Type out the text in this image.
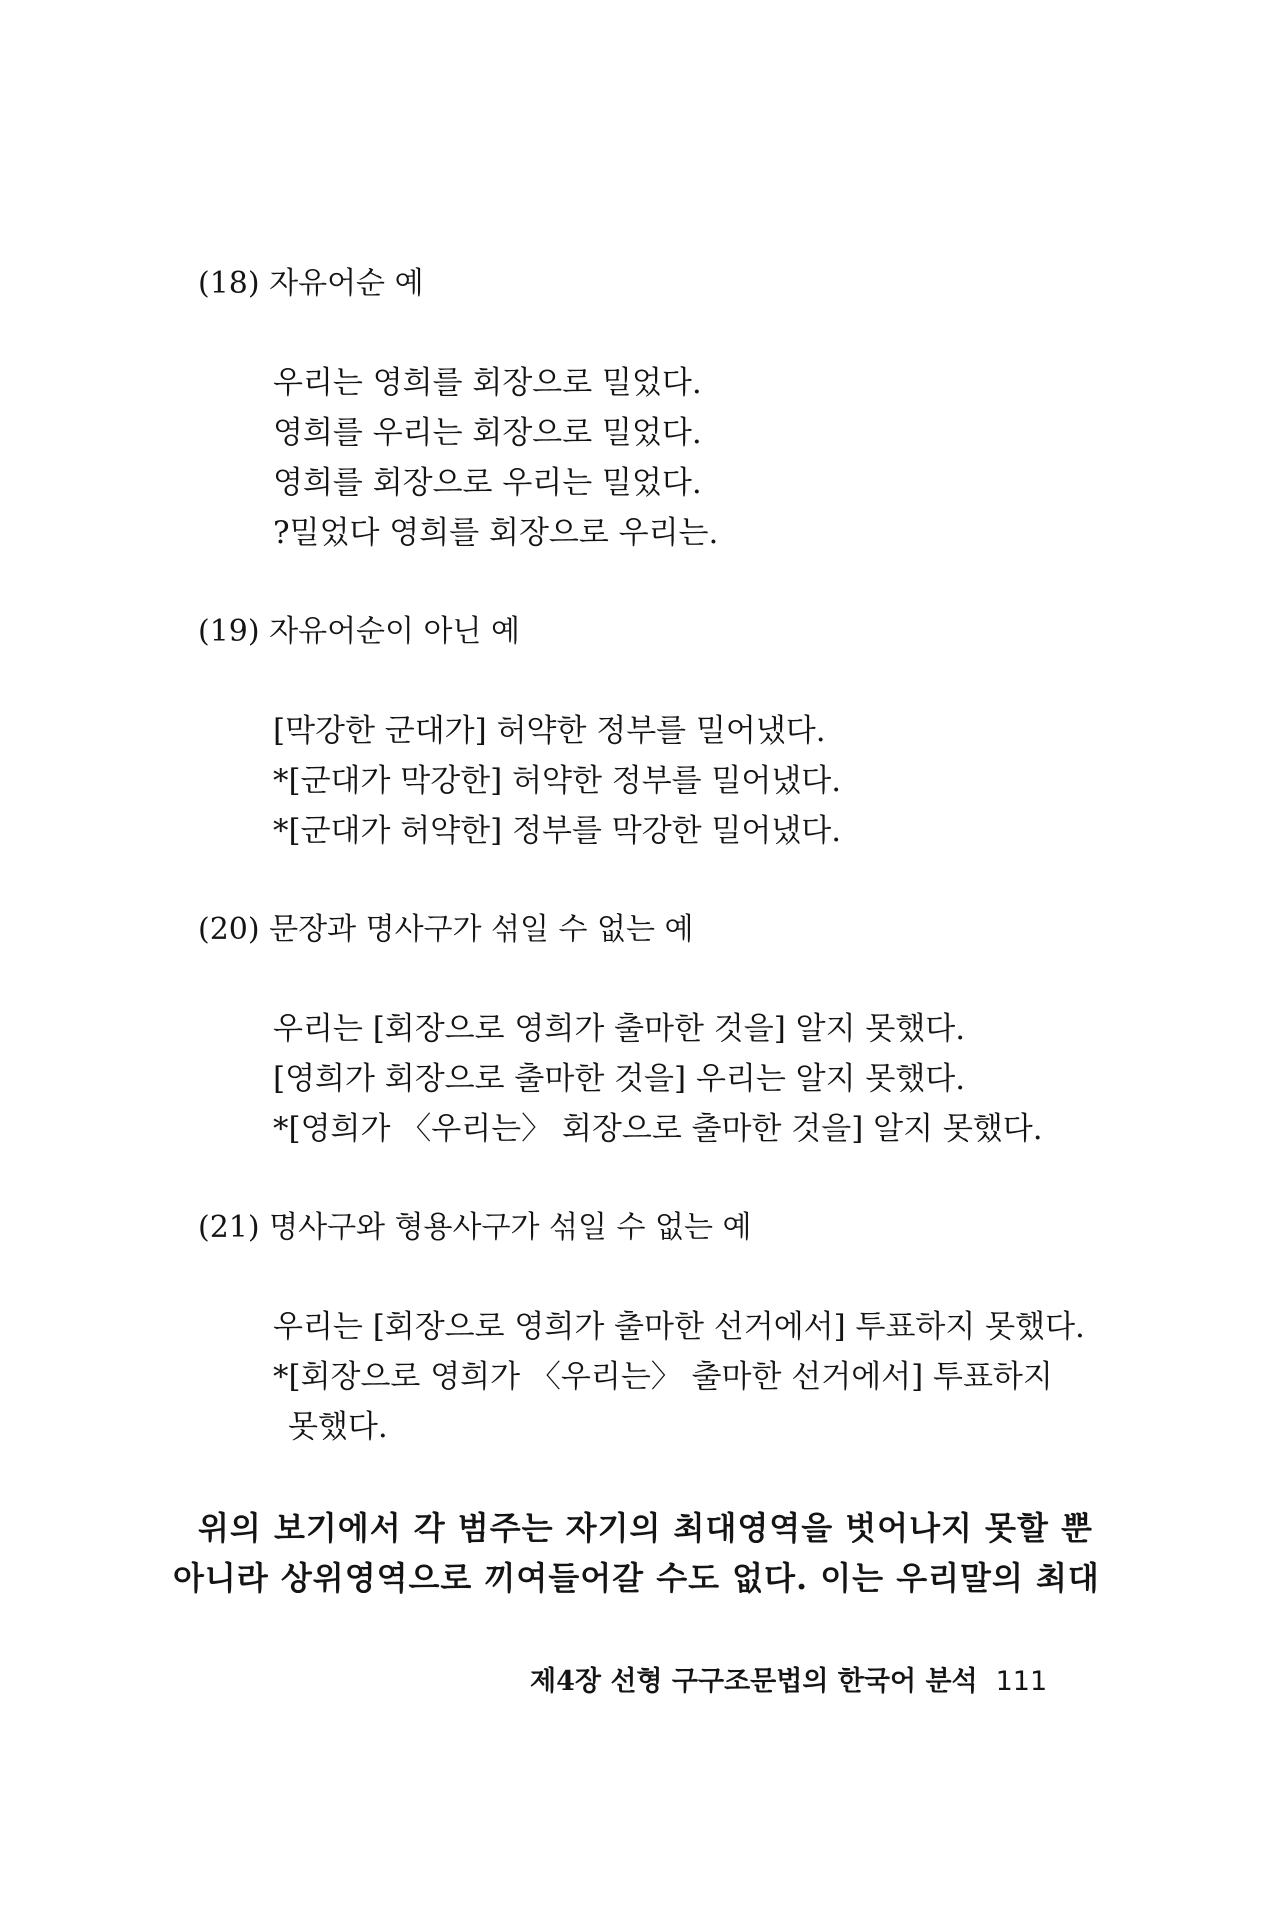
(18) 자유어순 예
우리는 영희를 회장으로 밀었다.
영희를 우리는 회장으로 밀었다.
영희를 회장으로 우리는 밀었다.
?밀었다 영희를 회장으로 우리는.
(19) 자유어순이 아닌 예
[막강한 군대가] 허약한 정부를 밀어냈다.
*[군대가 막강한] 허약한 정부를 밀어냈다.
*[군대가 허약한] 정부를 막강한 밀어냈다.
(20) 문장과 명사구가 섞일 수 없는 예
우리는 [회장으로 영희가 출마한 것을] 알지 못했다.
[영희가 회장으로 출마한 것을] 우리는 알지 못했다.
*[영희가 〈우리는〉 회장으로 출마한 것을] 알지 못했다.
(21) 명사구와 형용사구가 섞일 수 없는 예
우리는 [회장으로 영희가 출마한 선거에서] 투표하지 못했다.
*[회장으로 영희가 〈우리는〉 출마한 선거에서] 투표하지
못했다.
위의 보기에서 각 범주는 자기의 최대영역을 벗어나지 못할 뿐
아니라 상위영역으로 끼여들어갈 수도 없다. 이는 우리말의 최대
제4장 선형 구구조문법의 한국어 분석 111
